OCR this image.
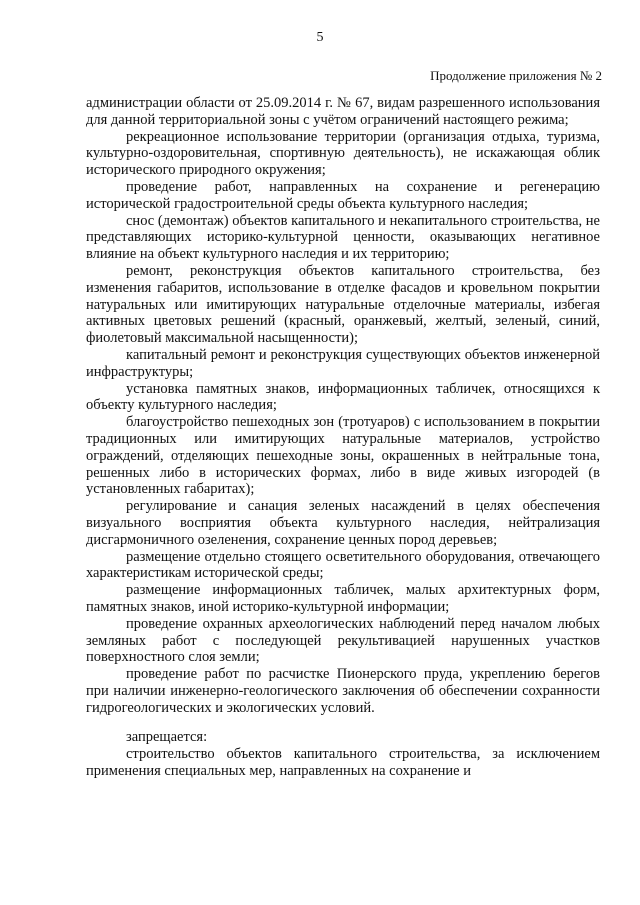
5
Продолжение приложения № 2

администрации области от 25.09.2014 г. № 67, видам разрешенного использования для данной территориальной зоны с учётом ограничений настоящего режима;

рекреационное использование территории (организация отдыха, туризма, культурно-оздоровительная, спортивную деятельность), не искажающая облик исторического природного окружения;

проведение работ, направленных на сохранение и регенерацию исторической градостроительной среды объекта культурного наследия;

снос (демонтаж) объектов капитального и некапитального строительства, не представляющих историко-культурной ценности, оказывающих негативное влияние на объект культурного наследия и их территорию;

ремонт, реконструкция объектов капитального строительства, без изменения габаритов, использование в отделке фасадов и кровельном покрытии натуральных или имитирующих натуральные отделочные материалы, избегая активных цветовых решений (красный, оранжевый, желтый, зеленый, синий, фиолетовый максимальной насыщенности);

капитальный ремонт и реконструкция существующих объектов инженерной инфраструктуры;

установка памятных знаков, информационных табличек, относящихся к объекту культурного наследия;

благоустройство пешеходных зон (тротуаров) с использованием в покрытии традиционных или имитирующих натуральные материалов, устройство ограждений, отделяющих пешеходные зоны, окрашенных в нейтральные тона, решенных либо в исторических формах, либо в виде живых изгородей (в установленных габаритах);

регулирование и санация зеленых насаждений в целях обеспечения визуального восприятия объекта культурного наследия, нейтрализация дисгармоничного озеленения, сохранение ценных пород деревьев;

размещение отдельно стоящего осветительного оборудования, отвечающего характеристикам исторической среды;

размещение информационных табличек, малых архитектурных форм, памятных знаков, иной историко-культурной информации;

проведение охранных археологических наблюдений перед началом любых земляных работ с последующей рекультивацией нарушенных участков поверхностного слоя земли;

проведение работ по расчистке Пионерского пруда, укреплению берегов при наличии инженерно-геологического заключения об обеспечении сохранности гидрогеологических и экологических условий.

запрещается:

строительство объектов капитального строительства, за исключением применения специальных мер, направленных на сохранение и
